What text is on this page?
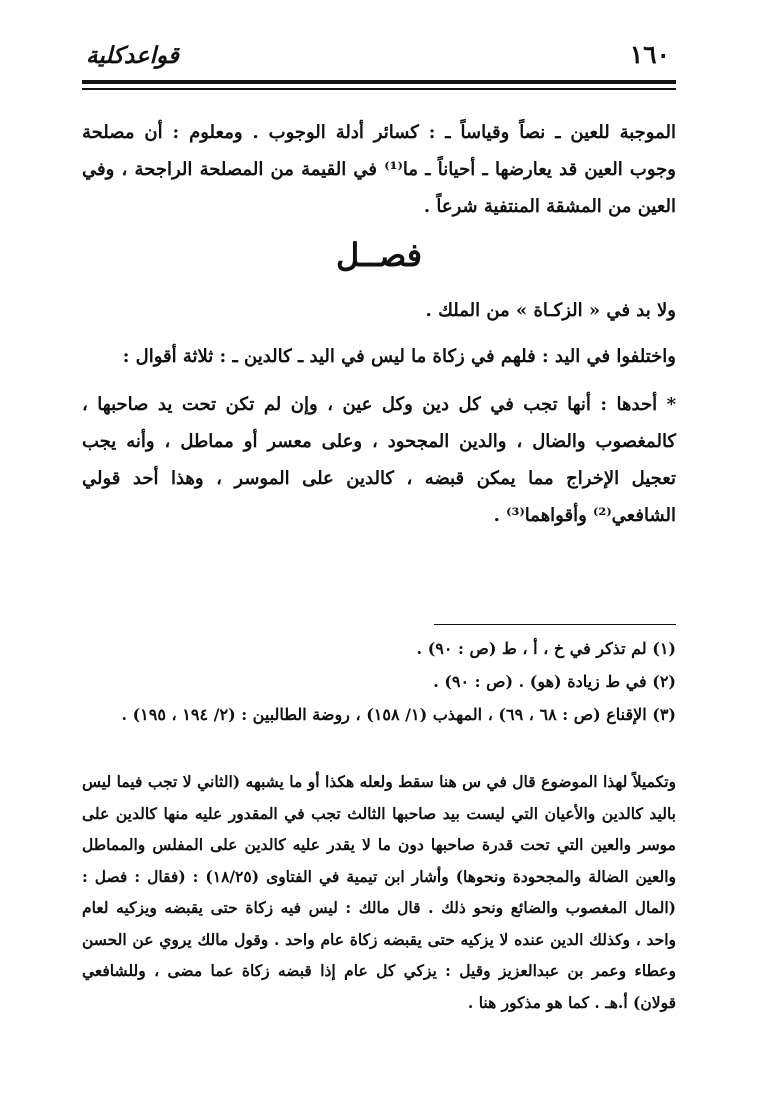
قواعدكلية	١٦٠

الموجبة للعين ـ نصاً وقياساً ـ : كسائر أدلة الوجوب . ومعلوم : أن مصلحة وجوب العين قد يعارضها ـ أحياناً ـ ما⁽¹⁾ في القيمة من المصلحة الراجحة ، وفي العين من المشقة المنتفية شرعاً .

فصــل

ولا بد في « الزكـاة » من الملك .

واختلفوا في اليد : فلهم في زكاة ما ليس في اليد ـ كالدين ـ : ثلاثة أقوال :

* أحدها : أنها تجب في كل دين وكل عين ، وإن لم تكن تحت يد صاحبها ، كالمغصوب والضال ، والدين المجحود ، وعلى معسر أو مماطل ، وأنه يجب تعجيل الإخراج مما يمكن قبضه ، كالدين على الموسر ، وهذا أحد قولي الشافعي⁽²⁾ وأقواهما⁽³⁾ .

(١) لم تذكر في خ ، أ ، ط (ص : ٩٠) .

(٢) في ط زيادة (هو) . (ص : ٩٠) .

(٣) الإقناع (ص : ٦٨ ، ٦٩) ، المهذب (١/ ١٥٨) ، روضة الطالبين : (٢/ ١٩٤ ، ١٩٥) .

وتكميلاً لهذا الموضوع قال في س هنا سقط ولعله هكذا أو ما يشبهه (الثاني لا تجب فيما ليس باليد كالدين والأعيان التي ليست بيد صاحبها الثالث تجب في المقدور عليه منها كالدين على موسر والعين التي تحت قدرة صاحبها دون ما لا يقدر عليه كالدين على المفلس والمماطل والعين الضالة والمجحودة ونحوها) وأشار ابن تيمية في الفتاوى (١٨/٢٥) : (فقال : فصل : (المال المغصوب والضائع ونحو ذلك . قال مالك : ليس فيه زكاة حتى يقبضه ويزكيه لعام واحد ، وكذلك الدين عنده لا يزكيه حتى يقبضه زكاة عام واحد . وقول مالك يروي عن الحسن وعطاء وعمر بن عبدالعزيز وقيل : يزكي كل عام إذا قبضه زكاة عما مضى ، وللشافعي قولان) أ.هـ . كما هو مذكور هنا .
